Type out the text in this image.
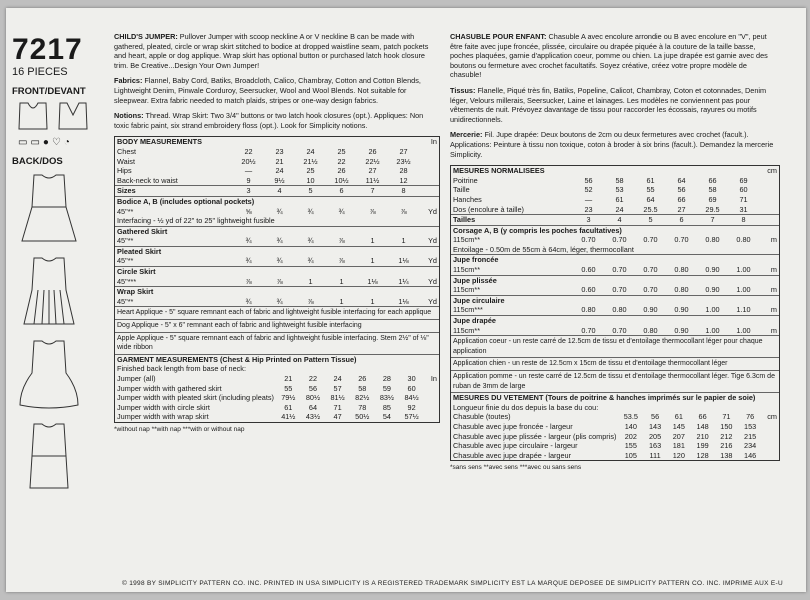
7217
16 PIECES
FRONT/DEVANT
▭ ▭ ● ♡ ◔
BACK/DOS

CHILD'S JUMPER: Pullover Jumper with scoop neckline A or V neckline B can be made with gathered, pleated, circle or wrap skirt stitched to bodice at dropped waistline seam, patch pockets and heart, apple or dog applique. Wrap skirt has optional button or purchased latch hook closure trim. Be Creative...Design Your Own Jumper!
Fabrics: Flannel, Baby Cord, Batiks, Broadcloth, Calico, Chambray, Cotton and Cotton Blends, Lightweight Denim, Pinwale Corduroy, Seersucker, Wool and Wool Blends. Not suitable for sleepwear. Extra fabric needed to match plaids, stripes or one-way design fabrics.
Notions: Thread. Wrap Skirt: Two 3/4" buttons or two latch hook closures (opt.). Appliques: Non toxic fabric paint, six strand embroidery floss (opt.). Look for Simplicity notions.
BODY MEASUREMENTS							In
Chest	22	23	24	25	26	27	
Waist	20½	21	21½	22	22½	23½	
Hips	—	24	25	26	27	28	
Back-neck to waist	9	9½	10	10½	11½	12	
Sizes	3	4	5	6	7	8	
Bodice A, B (includes optional pockets)							
45"**	⅝	¾	¾	¾	⅞	⅞	Yd
Interfacing - ½ yd of 22" to 25" lightweight fusible							
Gathered Skirt							
45"**	¾	¾	¾	⅞	1	1	Yd
Pleated Skirt							
45"**	¾	¾	¾	⅞	1	1⅛	Yd
Circle Skirt							
45"***	⅞	⅞	1	1	1⅛	1¼	Yd
Wrap Skirt							
45"**	¾	¾	⅞	1	1	1⅛	Yd
Heart Applique - 5" square remnant each of fabric and lightweight fusible interfacing for each applique
Dog Applique - 5" x 6" remnant each of fabric and lightweight fusible interfacing
Apple Applique - 5" square remnant each of fabric and lightweight fusible interfacing. Stem 2½" of ⅛" wide ribbon
GARMENT MEASUREMENTS (Chest & Hip Printed on Pattern Tissue)							
Finished back length from base of neck:							
Jumper (all)	21	22	24	26	28	30	In
Jumper width with gathered skirt	55	56	57	58	59	60	
Jumper width with pleated skirt (including pleats)	79½	80½	81½	82½	83½	84½	
Jumper width with circle skirt	61	64	71	78	85	92	
Jumper width with wrap skirt	41½	43½	47	50½	54	57½	
*without nap **with nap ***with or without nap
CHASUBLE POUR ENFANT: Chasuble A avec encolure arrondie ou B avec encolure en "V", peut être faite avec jupe froncée, plissée, circulaire ou drapée piquée à la couture de la taille basse, poches plaquées, garnie d'application coeur, pomme ou chien. La jupe drapée est garnie avec des boutons ou fermeture avec crochet facultatifs. Soyez créative, créez votre propre modèle de chasuble!
Tissus: Flanelle, Piqué très fin, Batiks, Popeline, Calicot, Chambray, Coton et cotonnades, Denim léger, Velours millerais, Seersucker, Laine et lainages. Les modèles ne conviennent pas pour vêtements de nuit. Prévoyez davantage de tissu pour raccorder les écossais, rayures ou motifs unidirectionnels.
Mercerie: Fil. Jupe drapée: Deux boutons de 2cm ou deux fermetures avec crochet (facult.). Applications: Peinture à tissu non toxique, coton à broder à six brins (facult.). Demandez la mercerie Simplicity.
MESURES NORMALISEES							cm
Poitrine	56	58	61	64	66	69	
Taille	52	53	55	56	58	60	
Hanches	—	61	64	66	69	71	
Dos (encolure à taille)	23	24	25.5	27	29.5	31	
Tailles	3	4	5	6	7	8	
Corsage A, B (y compris les poches facultatives)							
115cm**	0.70	0.70	0.70	0.70	0.80	0.80	m
Entoilage - 0.50m de 55cm à 64cm, léger, thermocollant							
Jupe froncée							
115cm**	0.60	0.70	0.70	0.80	0.90	1.00	m
Jupe plissée							
115cm**	0.60	0.70	0.70	0.80	0.90	1.00	m
Jupe circulaire							
115cm***	0.80	0.80	0.90	0.90	1.00	1.10	m
Jupe drapée							
115cm**	0.70	0.70	0.80	0.90	1.00	1.00	m
Application coeur - un reste carré de 12.5cm de tissu et d'entoilage thermocollant léger pour chaque application
Application chien - un reste de 12.5cm x 15cm de tissu et d'entoilage thermocollant léger
Application pomme - un reste carré de 12.5cm de tissu et d'entoilage thermocollant léger. Tige 6.3cm de ruban de 3mm de large
MESURES DU VETEMENT (Tours de poitrine & hanches imprimés sur le papier de soie)							
Longueur finie du dos depuis la base du cou:							
Chasuble (toutes)	53.5	56	61	66	71	76	cm
Chasuble avec jupe froncée - largeur	140	143	145	148	150	153	
Chasuble avec jupe plissée - largeur (plis compris)	202	205	207	210	212	215	
Chasuble avec jupe circulaire - largeur	155	163	181	199	216	234	
Chasuble avec jupe drapée - largeur	105	111	120	128	138	146	
*sans sens **avec sens ***avec ou sans sens
© 1998 BY SIMPLICITY PATTERN CO. INC. PRINTED IN USA SIMPLICITY IS A REGISTERED TRADEMARK SIMPLICITY EST LA MARQUE DEPOSEE DE SIMPLICITY PATTERN CO. INC. IMPRIME AUX E-U
